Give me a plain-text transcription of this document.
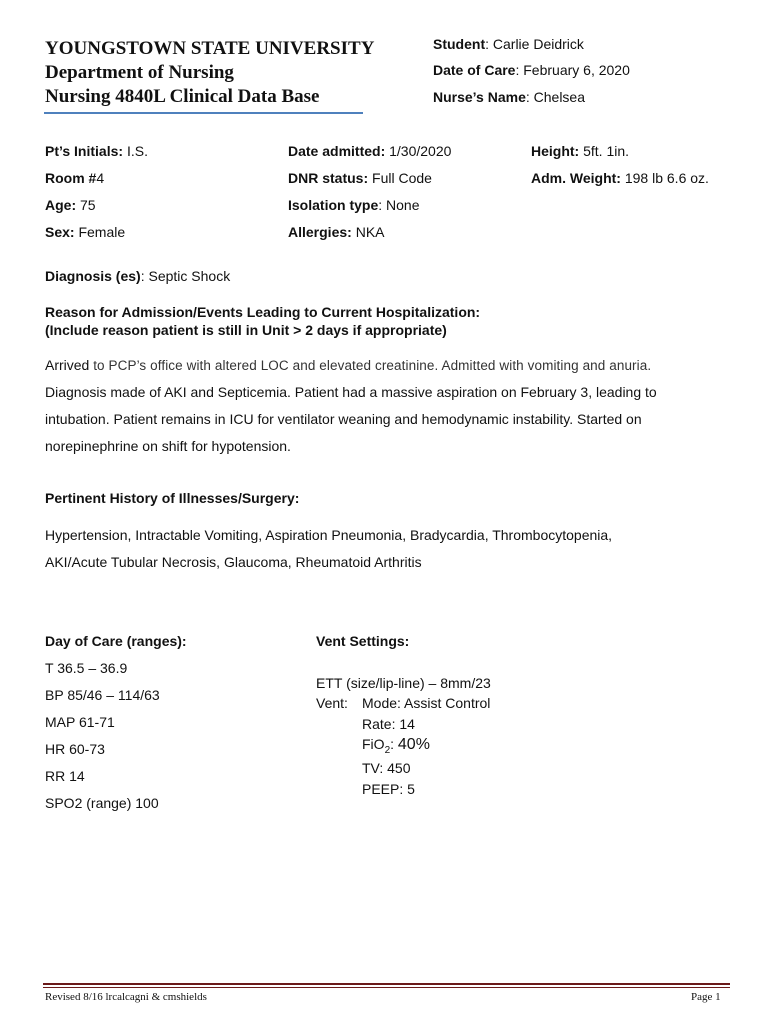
YOUNGSTOWN STATE UNIVERSITY
Department of Nursing
Nursing 4840L Clinical Data Base
Student: Carlie Deidrick
Date of Care: February 6, 2020
Nurse’s Name: Chelsea
Pt’s Initials: I.S.
Room #4
Age: 75
Sex: Female
Date admitted: 1/30/2020
DNR status: Full Code
Isolation type: None
Allergies: NKA
Height: 5ft. 1in.
Adm. Weight: 198 lb 6.6 oz.
Diagnosis (es): Septic Shock
Reason for Admission/Events Leading to Current Hospitalization:
(Include reason patient is still in Unit > 2 days if appropriate)
Arrived to PCP’s office with altered LOC and elevated creatinine. Admitted with vomiting and anuria.
Diagnosis made of AKI and Septicemia. Patient had a massive aspiration on February 3, leading to
intubation. Patient remains in ICU for ventilator weaning and hemodynamic instability. Started on
norepinephrine on shift for hypotension.
Pertinent History of Illnesses/Surgery:
Hypertension, Intractable Vomiting, Aspiration Pneumonia, Bradycardia, Thrombocytopenia,
AKI/Acute Tubular Necrosis, Glaucoma, Rheumatoid Arthritis
Day of Care (ranges):
T 36.5 – 36.9
BP 85/46 – 114/63
MAP 61-71
HR 60-73
RR 14
SPO2 (range) 100
Vent Settings:
ETT (size/lip-line) – 8mm/23
Vent: Mode: Assist Control
Rate: 14
FiO$_2$: 40%
TV: 450
PEEP: 5
Revised 8/16 lrcalcagni & cmshields	Page 1
